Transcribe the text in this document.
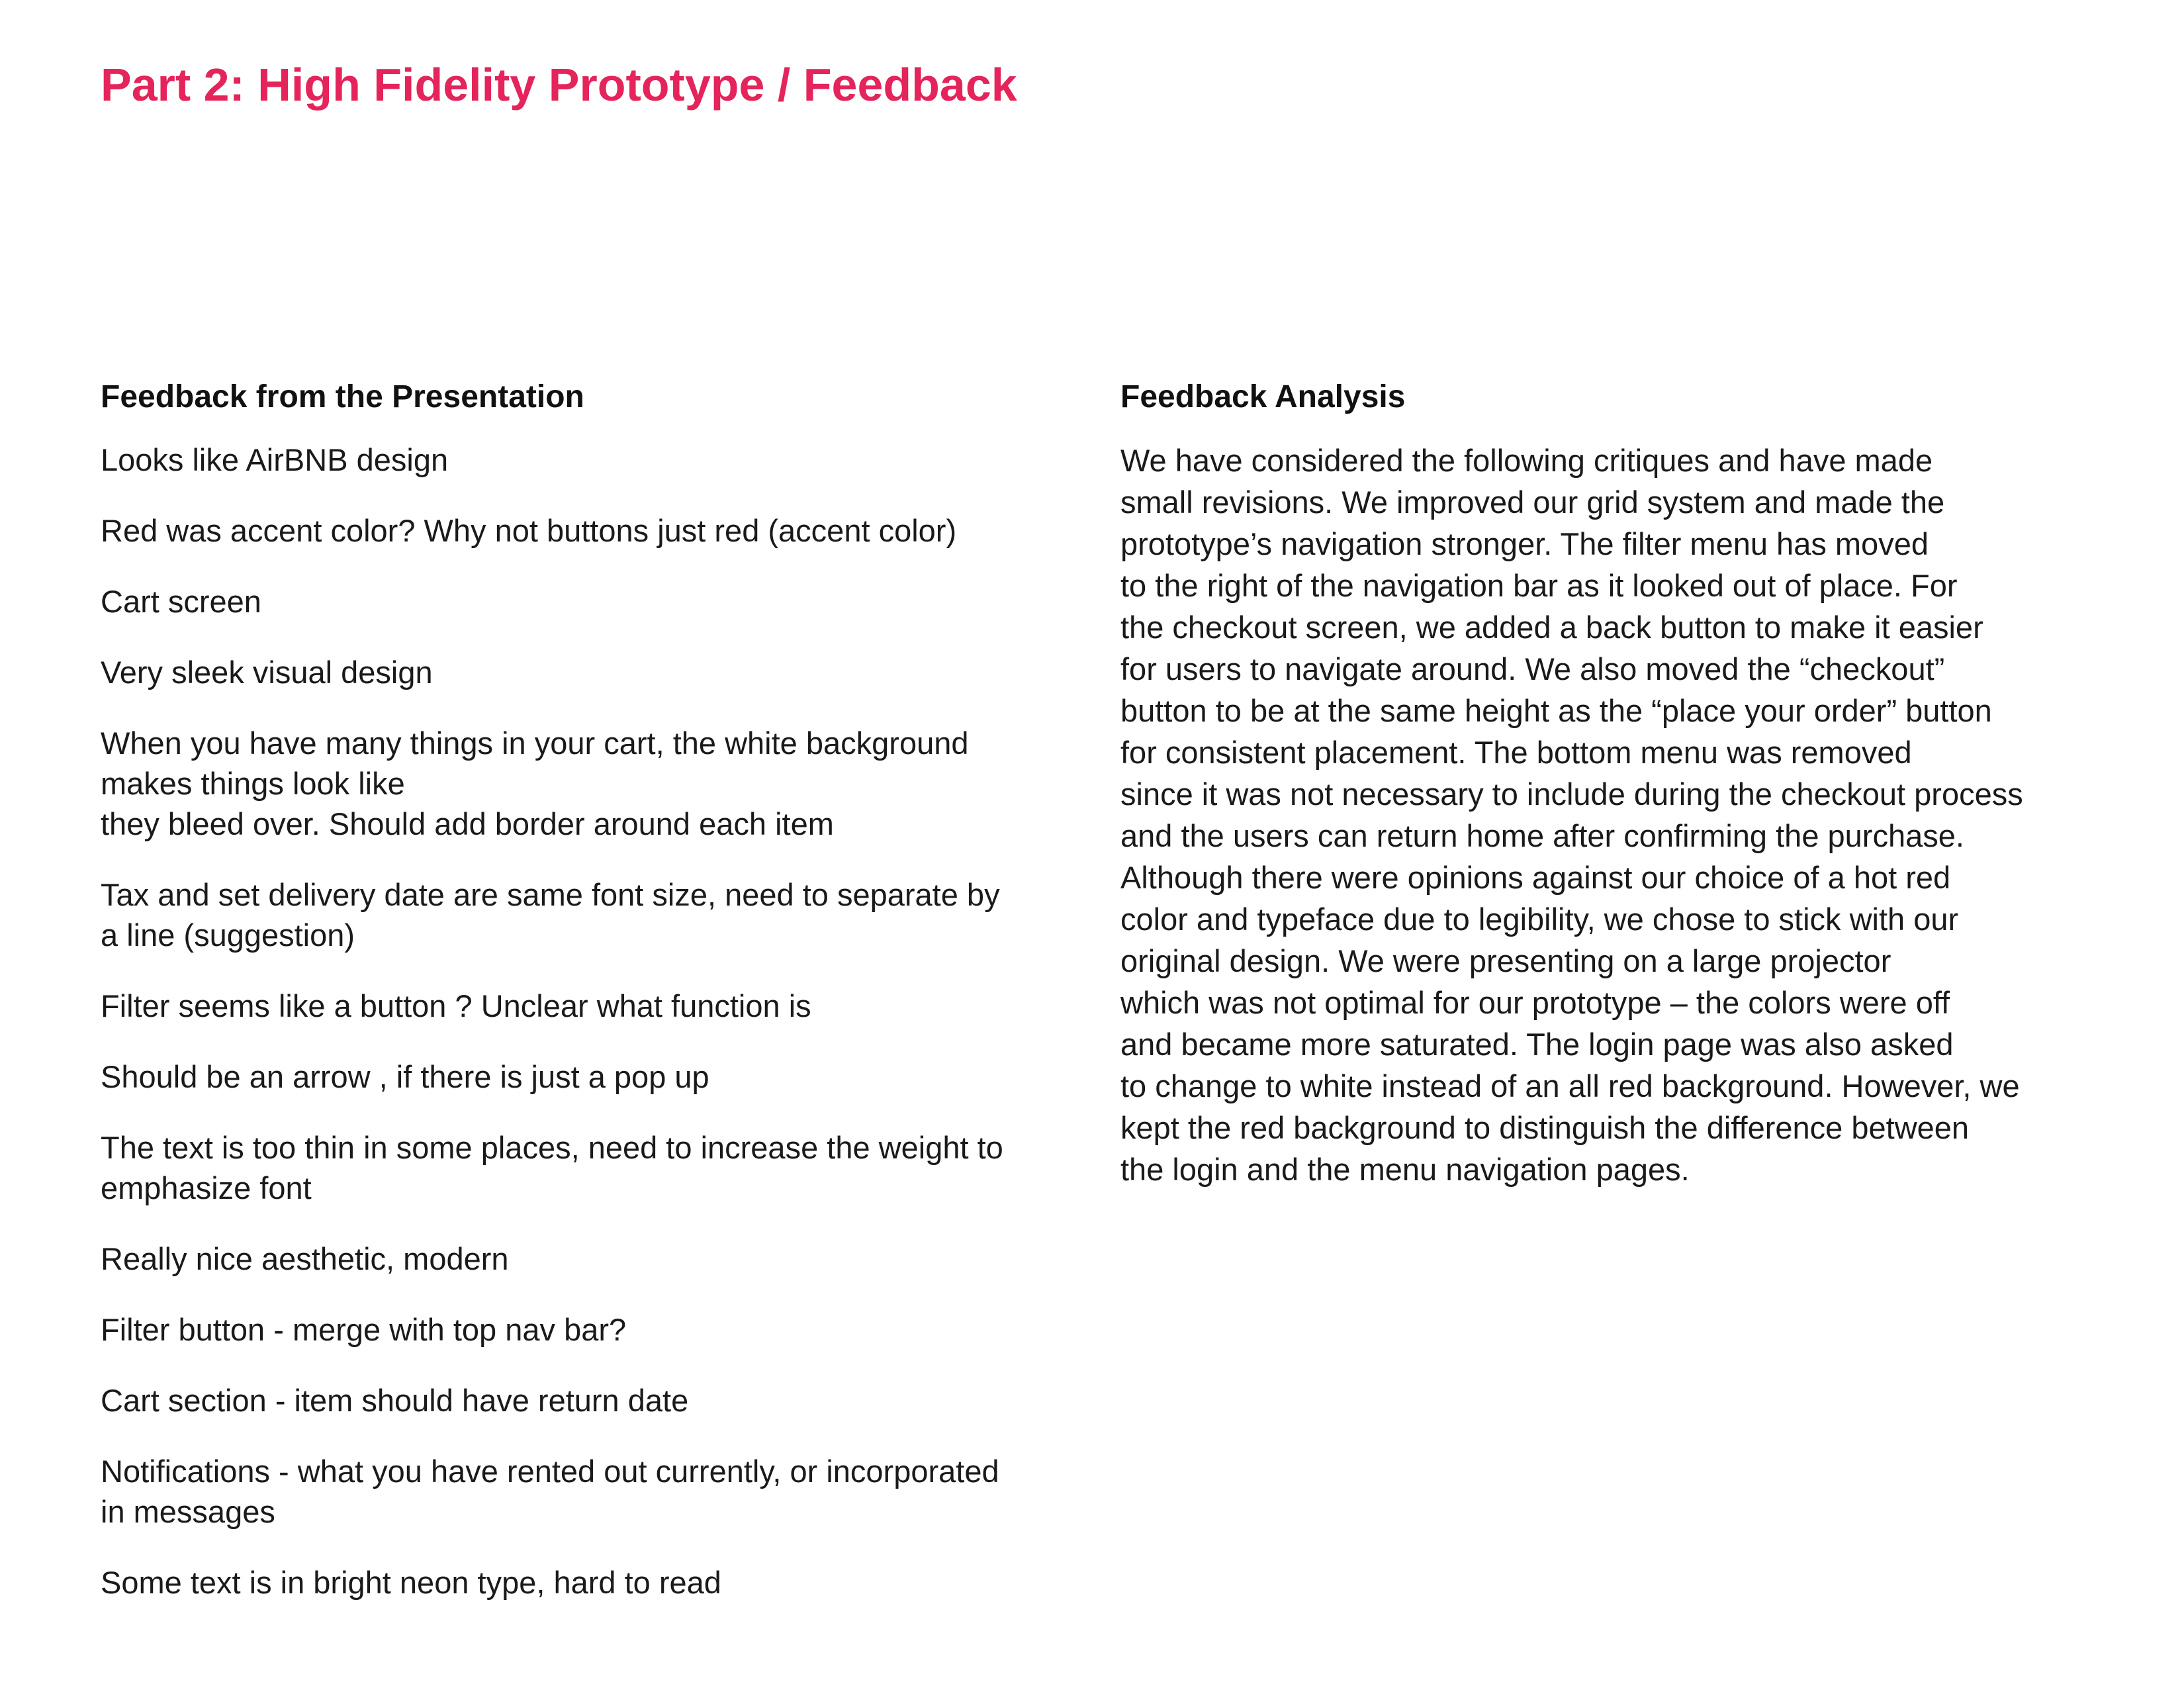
Part 2: High Fidelity Prototype / Feedback
Feedback from the Presentation
Looks like AirBNB design
Red was accent color? Why not buttons just red (accent color)
Cart screen
Very sleek visual design
When you have many things in your cart, the white background
makes things look like
they bleed over. Should add border around each item
Tax and set delivery date are same font size, need to separate by
a line (suggestion)
Filter seems like a button ? Unclear what function is
Should be an arrow , if there is just a pop up
The text is too thin in some places, need to increase the weight to
emphasize font
Really nice aesthetic, modern
Filter button - merge with top nav bar?
Cart section - item should have return date
Notifications - what you have rented out currently, or incorporated
in messages
Some text is in bright neon type, hard to read
Feedback Analysis

We have considered the following critiques and have made
small revisions. We improved our grid system and made the
prototype’s navigation stronger. The filter menu has moved
to the right of the navigation bar as it looked out of place. For
the checkout screen, we added a back button to make it easier
for users to navigate around. We also moved the “checkout”
button to be at the same height as the “place your order” button
for consistent placement. The bottom menu was removed
since it was not necessary to include during the checkout process
and the users can return home after confirming the purchase.
Although there were opinions against our choice of a hot red
color and typeface due to legibility, we chose to stick with our
original design. We were presenting on a large projector
which was not optimal for our prototype – the colors were off
and became more saturated. The login page was also asked
to change to white instead of an all red background. However, we
kept the red background to distinguish the difference between
the login and the menu navigation pages.
